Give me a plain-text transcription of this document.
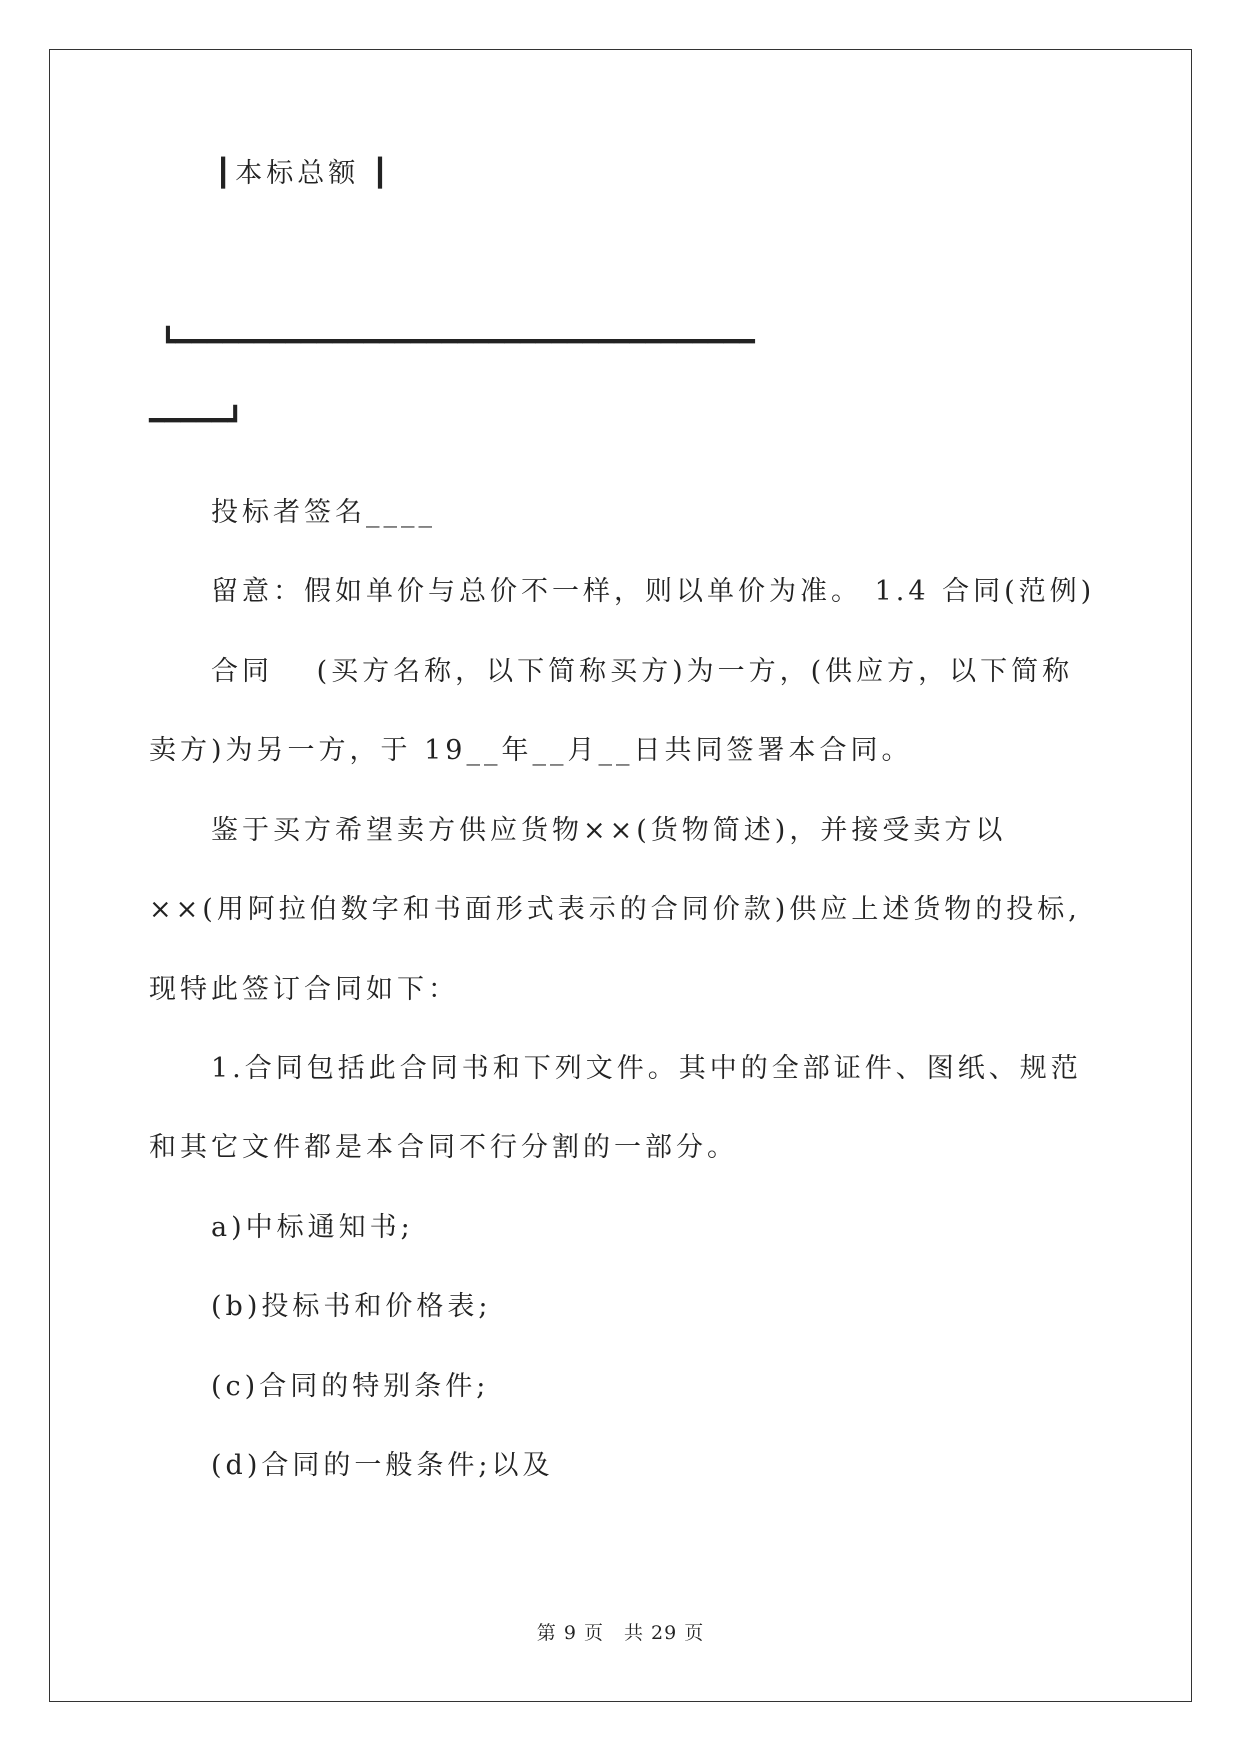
┃本标总额 ┃
┗━━━━━━━━━━━━━━━━━━━━━━━━━━━━━━━━━━━━━
━━━━━┛
投标者签名____
留意：假如单价与总价不一样，则以单价为准。 1.4 合同(范例)
合同　 (买方名称，以下简称买方)为一方，(供应方，以下简称
卖方)为另一方，于 19__年__月__日共同签署本合同。
鉴于买方希望卖方供应货物××(货物简述)，并接受卖方以
××(用阿拉伯数字和书面形式表示的合同价款)供应上述货物的投标,
现特此签订合同如下：
1.合同包括此合同书和下列文件。其中的全部证件、图纸、规范
和其它文件都是本合同不行分割的一部分。
a)中标通知书;
(b)投标书和价格表;
(c)合同的特别条件;
(d)合同的一般条件;以及
第 9 页　共 29 页
